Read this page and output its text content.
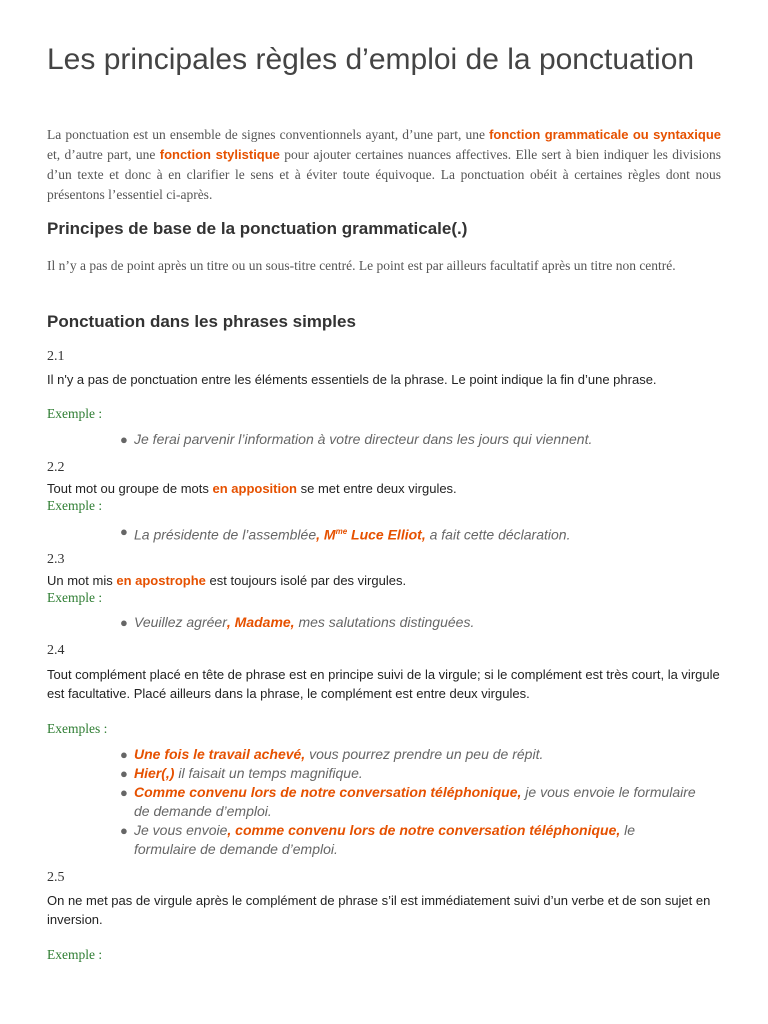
Les principales règles d’emploi de la ponctuation
La ponctuation est un ensemble de signes conventionnels ayant, d’une part, une fonction grammaticale ou syntaxique et, d’autre part, une fonction stylistique pour ajouter certaines nuances affectives. Elle sert à bien indiquer les divisions d’un texte et donc à en clarifier le sens et à éviter toute équivoque. La ponctuation obéit à certaines règles dont nous présentons l’essentiel ci-après.
Principes de base de la ponctuation grammaticale(.)
Il n’y a pas de point après un titre ou un sous-titre centré. Le point est par ailleurs facultatif après un titre non centré.
Ponctuation dans les phrases simples
2.1
Il n'y a pas de ponctuation entre les éléments essentiels de la phrase. Le point indique la fin d’une phrase.
Exemple :
● Je ferai parvenir l’information à votre directeur dans les jours qui viennent.
2.2
Tout mot ou groupe de mots en apposition se met entre deux virgules.
Exemple :
● La présidente de l’assemblée, $M^{me}$ Luce Elliot, a fait cette déclaration.
2.3
Un mot mis en apostrophe est toujours isolé par des virgules.
Exemple :
● Veuillez agréer, Madame, mes salutations distinguées.
2.4
Tout complément placé en tête de phrase est en principe suivi de la virgule; si le complément est très court, la virgule est facultative. Placé ailleurs dans la phrase, le complément est entre deux virgules.
Exemples :
● Une fois le travail achevé, vous pourrez prendre un peu de répit.
● Hier(,) il faisait un temps magnifique.
● Comme convenu lors de notre conversation téléphonique, je vous envoie le formulaire de demande d’emploi.
● Je vous envoie, comme convenu lors de notre conversation téléphonique, le formulaire de demande d’emploi.
2.5
On ne met pas de virgule après le complément de phrase s’il est immédiatement suivi d’un verbe et de son sujet en inversion.
Exemple :
